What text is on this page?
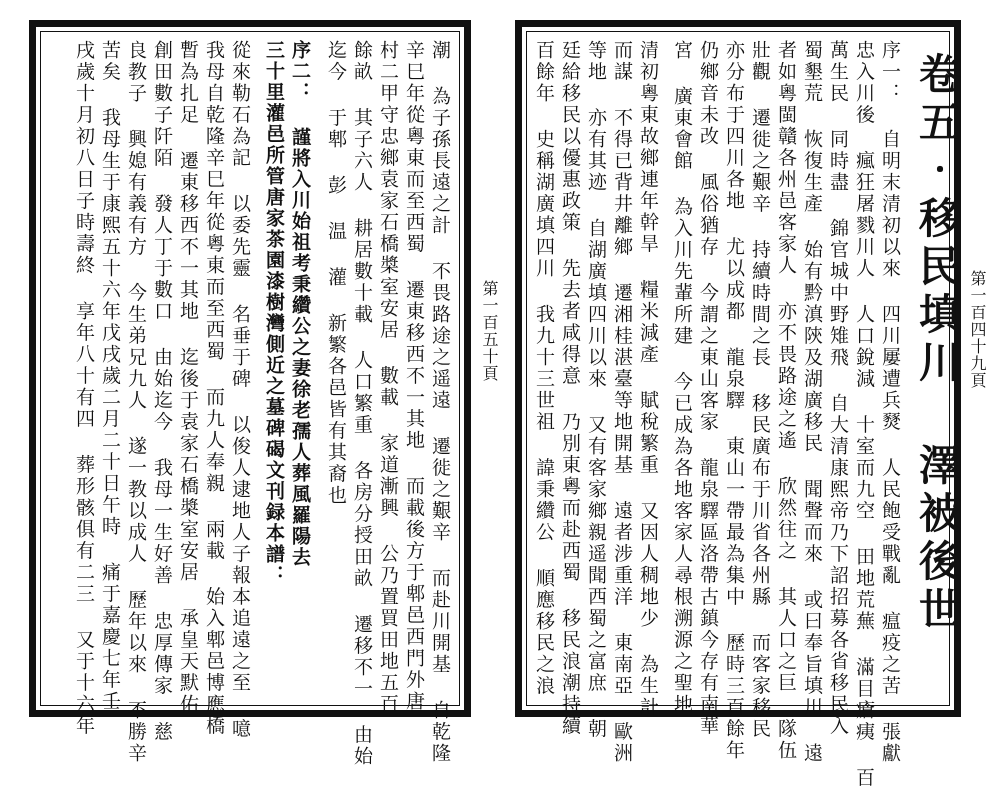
卷五‧移民填川 澤被後世
序一： 自明末清初以來 四川屢遭兵燹 人民飽受戰亂 瘟疫之苦 張獻
忠入川後 瘋狂屠戮川人 人口銳減 十室而九空 田地荒蕪 滿目瘡痍 百
萬生民 同時盡 錦官城中野雉飛 自大清康熙帝乃下詔招募各省移民入
蜀墾荒 恢復生產 始有黔滇陝及湖廣移民 聞聲而來 或曰奉旨填川 遠
者如粵閩贛各州邑客家人 亦不畏路途之遙 欣然往之 其人口之巨 隊伍
壯觀 遷徙之艱辛 持續時間之長 移民廣布于川省各州縣 而客家移民
亦分布于四川各地 尤以成都 龍泉驛 東山一帶最為集中 歷時三百餘年
仍鄉音未改 風俗猶存 今謂之東山客家 龍泉驛區洛帶古鎮今存有南華
宮 廣東會館 為入川先輩所建 今已成為各地客家人尋根溯源之聖地
清初粵東故鄉連年幹旱 糧米減產 賦稅繁重 又因人稠地少 為生計
而謀 不得已背井離鄉 遷湘桂湛臺等地開基 遠者涉重洋 東南亞 歐洲
等地 亦有其迹 自湖廣填四川以來 又有客家鄉親遥聞西蜀之富庶 朝
廷給移民以優惠政策 先去者咸得意 乃別東粵而赴西蜀 移民浪潮持續
百餘年 史稱湖廣填四川 我九十三世祖 諱秉纘公 順應移民之浪	第一百四十九頁
潮 為子孫長遠之計 不畏路途之遥遠 遷徙之艱辛 而赴川開基 自乾隆
辛巳年從粵東而至西蜀 遷東移西不一其地 而載後方于郫邑西門外唐
村二甲守忠鄉袁家石橋槳室安居 數載 家道漸興 公乃置買田地五百
餘畝 其子六人 耕居數十載 人口繁重 各房分授田畝 遷移不一 由始
迄今 于郫 彭 温 灌 新繁各邑皆有其裔也
序二： 謹將入川始祖考秉纘公之妻徐老孺人葬風羅陽去
三十里灌邑所管唐家茶園漆樹灣側近之墓碑碣文刊録本譜：
從來勒石為記 以委先靈 名垂于碑 以俊人逮地人子報本追遠之至 噫
我母自乾隆辛巳年從粵東而至西蜀 而九人奉親 兩載 始入郫邑博應橋
暫為扎足 遷東移西不一其地 迄後于袁家石橋槳室安居 承皇天默佑
創田數子阡陌 發人丁于數口 由始迄今 我母一生好善 忠厚傳家 慈
良教子 興媳有義有方 今生弟兄九人 遂一教以成人 歷年以來 不勝辛
苦矣 我母生于康熙五十六年戊戌歲二月二十日午時 痛于嘉慶七年壬
戌歲十月初八日子時壽終 享年八十有四 葬形骸俱有二三 又于十六年	第一百五十頁
